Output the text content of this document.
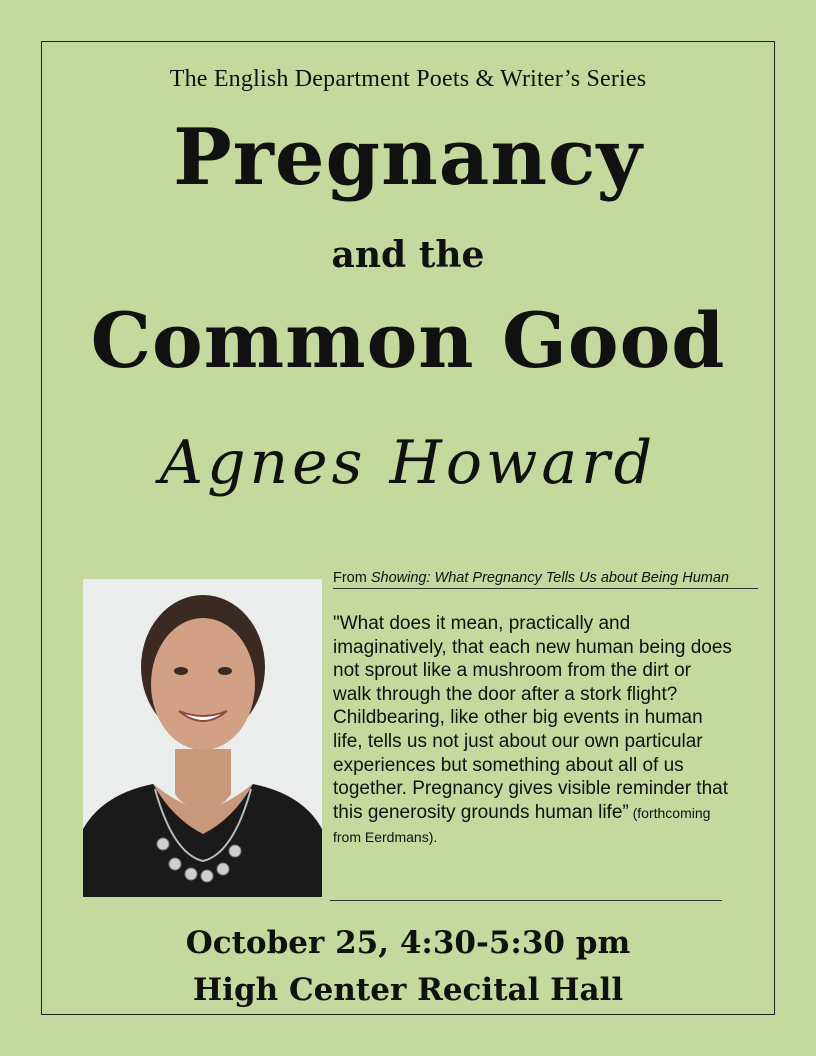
The English Department Poets & Writer’s Series
Pregnancy
and the
Common Good
Agnes Howard
From Showing: What Pregnancy Tells Us about Being Human
"What does it mean, practically and imaginatively, that each new human being does not sprout like a mushroom from the dirt or walk through the door after a stork flight? Childbearing, like other big events in human life, tells us not just about our own particular experiences but something about all of us together. Pregnancy gives visible reminder that this generosity grounds human life” (forthcoming from Eerdmans).
October 25, 4:30-5:30 pm
High Center Recital Hall
